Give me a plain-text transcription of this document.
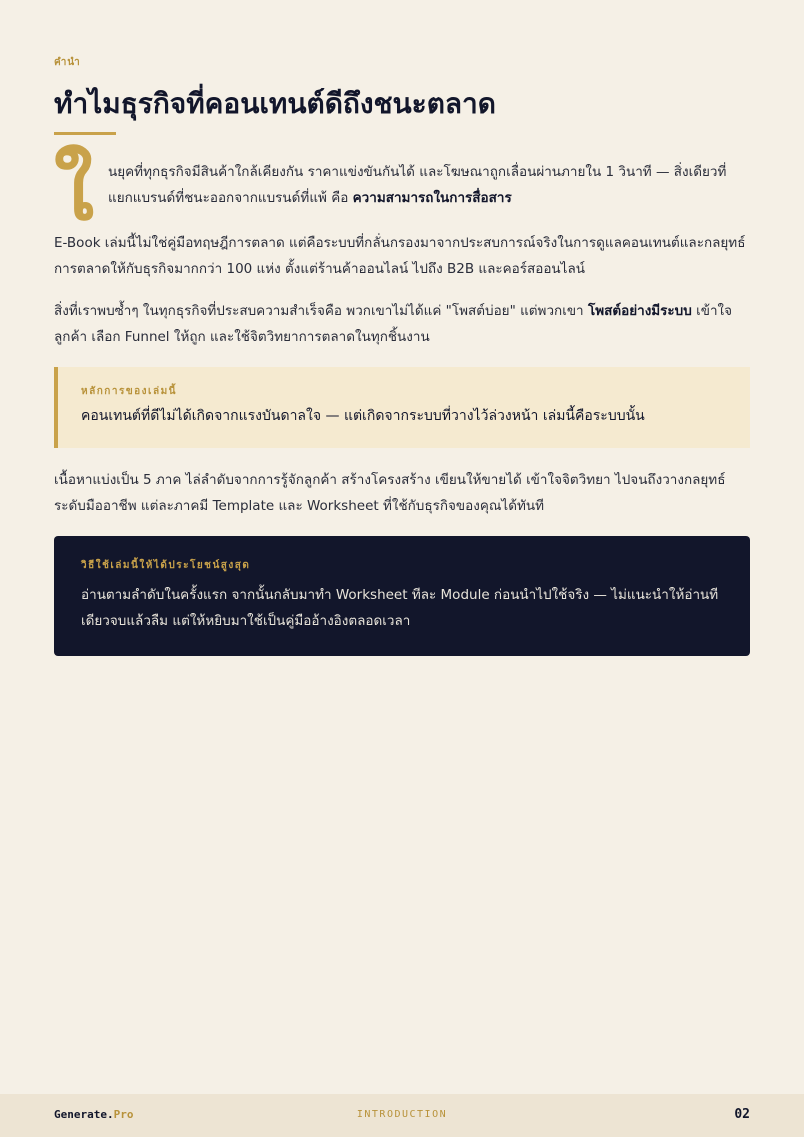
คำนำ
ทำไมธุรกิจที่คอนเทนต์ดีถึงชนะตลาด
ใ นยุคที่ทุกธุรกิจมีสินค้าใกล้เคียงกัน ราคาแข่งขันกันได้ และโฆษณาถูกเลื่อนผ่านภายใน 1 วินาที — สิ่งเดียวที่แยกแบรนด์ที่ชนะออกจากแบรนด์ที่แพ้ คือ ความสามารถในการสื่อสาร

E-Book เล่มนี้ไม่ใช่คู่มือทฤษฎีการตลาด แต่คือระบบที่กลั่นกรองมาจากประสบการณ์จริงในการดูแลคอนเทนต์และกลยุทธ์การตลาดให้กับธุรกิจมากกว่า 100 แห่ง ตั้งแต่ร้านค้าออนไลน์ ไปถึง B2B และคอร์สออนไลน์

สิ่งที่เราพบซ้ำๆ ในทุกธุรกิจที่ประสบความสำเร็จคือ พวกเขาไม่ได้แค่ "โพสต์บ่อย" แต่พวกเขา โพสต์อย่างมีระบบ เข้าใจลูกค้า เลือก Funnel ให้ถูก และใช้จิตวิทยาการตลาดในทุกชิ้นงาน

หลักการของเล่มนี้
คอนเทนต์ที่ดีไม่ได้เกิดจากแรงบันดาลใจ — แต่เกิดจากระบบที่วางไว้ล่วงหน้า เล่มนี้คือระบบนั้น

เนื้อหาแบ่งเป็น 5 ภาค ไล่ลำดับจากการรู้จักลูกค้า สร้างโครงสร้าง เขียนให้ขายได้ เข้าใจจิตวิทยา ไปจนถึงวางกลยุทธ์ระดับมืออาชีพ แต่ละภาคมี Template และ Worksheet ที่ใช้กับธุรกิจของคุณได้ทันที

วิธีใช้เล่มนี้ให้ได้ประโยชน์สูงสุด

อ่านตามลำดับในครั้งแรก จากนั้นกลับมาทำ Worksheet ทีละ Module ก่อนนำไปใช้จริง — ไม่แนะนำให้อ่านทีเดียวจบแล้วลืม แต่ให้หยิบมาใช้เป็นคู่มืออ้างอิงตลอดเวลา

Generate.Pro	INTRODUCTION	02
